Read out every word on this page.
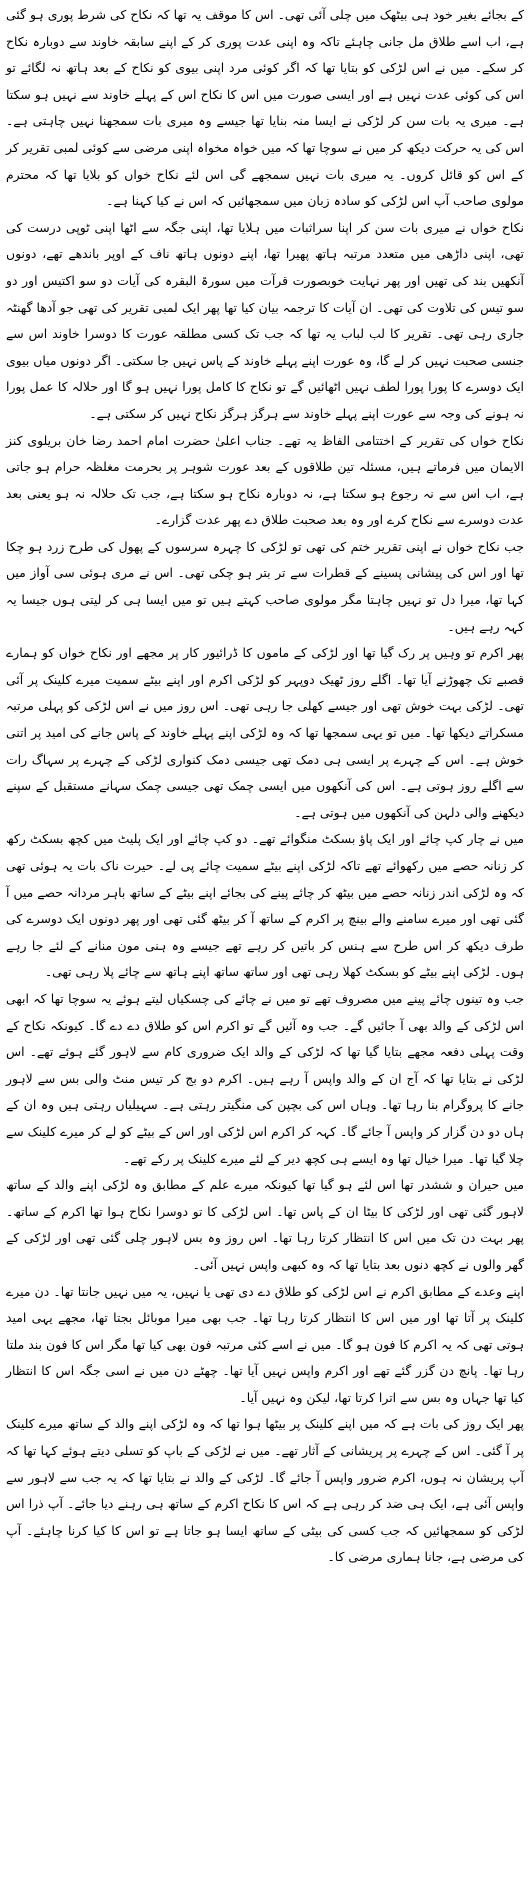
کے بجائے بغیر خود ہی بیٹھک میں چلی آئی تھی۔ اس کا موقف یہ تھا کہ نکاح کی شرط پوری ہو گئی ہے، اب اسے طلاق مل جانی چاہئے تاکہ وہ اپنی عدت پوری کر کے اپنے سابقہ خاوند سے دوبارہ نکاح کر سکے۔ میں نے اس لڑکی کو بتایا تھا کہ اگر کوئی مرد اپنی بیوی کو نکاح کے بعد ہاتھ نہ لگائے تو اس کی کوئی عدت نہیں ہے اور ایسی صورت میں اس کا نکاح اس کے پہلے خاوند سے نہیں ہو سکتا ہے۔ میری یہ بات سن کر لڑکی نے ایسا منہ بنایا تھا جیسے وہ میری بات سمجھنا نہیں چاہتی ہے۔ اس کی یہ حرکت دیکھ کر میں نے سوچا تھا کہ میں خواہ مخواہ اپنی مرضی سے کوئی لمبی تقریر کر کے اس کو قائل کروں۔ یہ میری بات نہیں سمجھے گی اس لئے نکاح خواں کو بلایا تھا کہ محترم مولوی صاحب آپ اس لڑکی کو سادہ زبان میں سمجھائیں کہ اس نے کیا کہنا ہے۔

نکاح خواں نے میری بات سن کر اپنا سراثبات میں ہلایا تھا، اپنی جگہ سے اٹھا اپنی ٹوپی درست کی تھی، اپنی داڑھی میں متعدد مرتبہ ہاتھ پھیرا تھا، اپنے دونوں ہاتھ ناف کے اوپر باندھے تھے، دونوں آنکھیں بند کی تھیں اور پھر نہایت خوبصورت قرآت میں سورۃ البقرہ کی آیات دو سو اکتیس اور دو سو تیس کی تلاوت کی تھی۔ ان آیات کا ترجمہ بیان کیا تھا پھر ایک لمبی تقریر کی تھی جو آدھا گھنٹہ جاری رہی تھی۔ تقریر کا لب لباب یہ تھا کہ جب تک کسی مطلقہ عورت کا دوسرا خاوند اس سے جنسی صحبت نہیں کر لے گا، وہ عورت اپنے پہلے خاوند کے پاس نہیں جا سکتی۔ اگر دونوں میاں بیوی ایک دوسرے کا پورا پورا لطف نہیں اٹھائیں گے تو نکاح کا کامل پورا نہیں ہو گا اور حلالہ کا عمل پورا نہ ہونے کی وجہ سے عورت اپنے پہلے خاوند سے ہرگز ہرگز نکاح نہیں کر سکتی ہے۔

نکاح خواں کی تقریر کے اختتامی الفاظ یہ تھے۔ جناب اعلیٰ حضرت امام احمد رضا خان بریلوی کنز الایمان میں فرماتے ہیں، مسئلہ تین طلاقوں کے بعد عورت شوہر پر بحرمت مغلظہ حرام ہو جاتی ہے، اب اس سے نہ رجوع ہو سکتا ہے، نہ دوبارہ نکاح ہو سکتا ہے، جب تک حلالہ نہ ہو یعنی بعد عدت دوسرے سے نکاح کرے اور وہ بعد صحبت طلاق دے پھر عدت گزارے۔

جب نکاح خواں نے اپنی تقریر ختم کی تھی تو لڑکی کا چہرہ سرسوں کے پھول کی طرح زرد ہو چکا تھا اور اس کی پیشانی پسینے کے قطرات سے تر بتر ہو چکی تھی۔ اس نے مری ہوئی سی آواز میں کہا تھا، میرا دل تو نہیں چاہتا مگر مولوی صاحب کہتے ہیں تو میں ایسا ہی کر لیتی ہوں جیسا یہ کہہ رہے ہیں۔

پھر اکرم تو وہیں پر رک گیا تھا اور لڑکی کے ماموں کا ڈرائیور کار پر مجھے اور نکاح خواں کو ہمارے قصبے تک چھوڑنے آیا تھا۔ اگلے روز ٹھیک دوپہر کو لڑکی اکرم اور اپنے بیٹے سمیت میرے کلینک پر آئی تھی۔ لڑکی بہت خوش تھی اور جیسے کھلی جا رہی تھی۔ اس روز میں نے اس لڑکی کو پہلی مرتبہ مسکراتے دیکھا تھا۔ میں تو یہی سمجھا تھا کہ وہ لڑکی اپنے پہلے خاوند کے پاس جانے کی امید پر اتنی خوش ہے۔ اس کے چہرے پر ایسی ہی دمک تھی جیسی دمک کنواری لڑکی کے چہرے پر سہاگ رات سے اگلے روز ہوتی ہے۔ اس کی آنکھوں میں ایسی چمک تھی جیسی چمک سہانے مستقبل کے سپنے دیکھنے والی دلہن کی آنکھوں میں ہوتی ہے۔

میں نے چار کپ چائے اور ایک پاؤ بسکٹ منگوائے تھے۔ دو کپ چائے اور ایک پلیٹ میں کچھ بسکٹ رکھ کر زنانہ حصے میں رکھوائے تھے تاکہ لڑکی اپنے بیٹے سمیت چائے پی لے۔ حیرت ناک بات یہ ہوئی تھی کہ وہ لڑکی اندر زنانہ حصے میں بیٹھ کر چائے پینے کی بجائے اپنے بیٹے کے ساتھ باہر مردانہ حصے میں آ گئی تھی اور میرے سامنے والے بینچ پر اکرم کے ساتھ آ کر بیٹھ گئی تھی اور پھر دونوں ایک دوسرے کی طرف دیکھ کر اس طرح سے ہنس کر باتیں کر رہے تھے جیسے وہ ہنی مون منانے کے لئے جا رہے ہوں۔ لڑکی اپنے بیٹے کو بسکٹ کھلا رہی تھی اور ساتھ ساتھ اپنے ہاتھ سے چائے پلا رہی تھی۔

جب وہ تینوں چائے پینے میں مصروف تھے تو میں نے چائے کی چسکیاں لیتے ہوئے یہ سوچا تھا کہ ابھی اس لڑکی کے والد بھی آ جائیں گے۔ جب وہ آئیں گے تو اکرم اس کو طلاق دے دے گا۔ کیونکہ نکاح کے وقت پہلی دفعہ مجھے بتایا گیا تھا کہ لڑکی کے والد ایک ضروری کام سے لاہور گئے ہوئے تھے۔ اس لڑکی نے بتایا تھا کہ آج ان کے والد واپس آ رہے ہیں۔ اکرم دو بج کر تیس منٹ والی بس سے لاہور جانے کا پروگرام بنا رہا تھا۔ وہاں اس کی بچپن کی منگیتر رہتی ہے۔ سہیلیاں رہتی ہیں وہ ان کے ہاں دو دن گزار کر واپس آ جائے گا۔ کہہ کر اکرم اس لڑکی اور اس کے بیٹے کو لے کر میرے کلینک سے چلا گیا تھا۔ میرا خیال تھا وہ ایسے ہی کچھ دیر کے لئے میرے کلینک پر رکے تھے۔

میں حیران و ششدر تھا اس لئے ہو گیا تھا کیونکہ میرے علم کے مطابق وہ لڑکی اپنے والد کے ساتھ لاہور گئی تھی اور لڑکی کا بیٹا ان کے پاس تھا۔ اس لڑکی کا تو دوسرا نکاح ہوا تھا اکرم کے ساتھ۔ پھر بہت دن تک میں اس کا انتظار کرتا رہا تھا۔ اس روز وہ بس لاہور چلی گئی تھی اور لڑکی کے گھر والوں نے کچھ دنوں بعد بتایا تھا کہ وہ کبھی واپس نہیں آئی۔

اپنے وعدے کے مطابق اکرم نے اس لڑکی کو طلاق دے دی تھی یا نہیں، یہ میں نہیں جانتا تھا۔ دن میرے کلینک پر آتا تھا اور میں اس کا انتظار کرتا رہا تھا۔ جب بھی میرا موبائل بجتا تھا، مجھے یہی امید ہوتی تھی کہ یہ اکرم کا فون ہو گا۔ میں نے اسے کئی مرتبہ فون بھی کیا تھا مگر اس کا فون بند ملتا رہا تھا۔ پانچ دن گزر گئے تھے اور اکرم واپس نہیں آیا تھا۔ چھٹے دن میں نے اسی جگہ اس کا انتظار کیا تھا جہاں وہ بس سے اترا کرتا تھا، لیکن وہ نہیں آیا۔

پھر ایک روز کی بات ہے کہ میں اپنے کلینک پر بیٹھا ہوا تھا کہ وہ لڑکی اپنے والد کے ساتھ میرے کلینک پر آ گئی۔ اس کے چہرے پر پریشانی کے آثار تھے۔ میں نے لڑکی کے باپ کو تسلی دیتے ہوئے کہا تھا کہ آپ پریشان نہ ہوں، اکرم ضرور واپس آ جائے گا۔ لڑکی کے والد نے بتایا تھا کہ یہ جب سے لاہور سے واپس آئی ہے، ایک ہی ضد کر رہی ہے کہ اس کا نکاح اکرم کے ساتھ ہی رہنے دیا جائے۔ آپ ذرا اس لڑکی کو سمجھائیں کہ جب کسی کی بیٹی کے ساتھ ایسا ہو جاتا ہے تو اس کا کیا کرنا چاہئے۔ آپ کی مرضی ہے، جانا ہماری مرضی کا۔
